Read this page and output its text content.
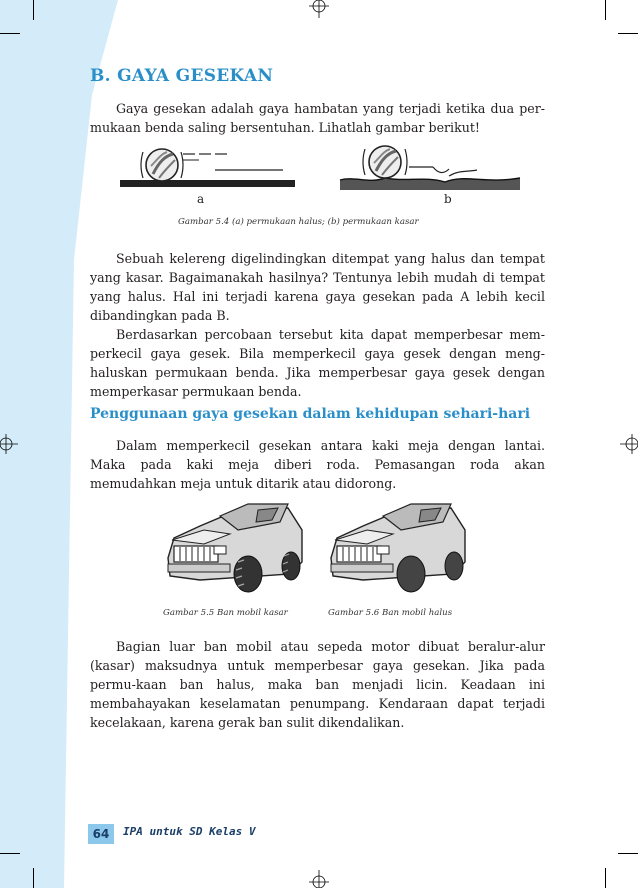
B. GAYA GESEKAN

Gaya gesekan adalah gaya hambatan yang terjadi ketika dua per-mukaan benda saling bersentuhan. Lihatlah gambar berikut!

a	b
Gambar 5.4 (a) permukaan halus; (b) permukaan kasar

Sebuah kelereng digelindingkan ditempat yang halus dan tempat yang kasar. Bagaimanakah hasilnya? Tentunya lebih mudah di tempat yang halus. Hal ini terjadi karena gaya gesekan pada A lebih kecil dibandingkan pada B.

Berdasarkan percobaan tersebut kita dapat memperbesar mem-perkecil gaya gesek. Bila memperkecil gaya gesek dengan meng-haluskan permukaan benda. Jika memperbesar gaya gesek dengan memperkasar permukaan benda.

Penggunaan gaya gesekan dalam kehidupan sehari-hari

Dalam memperkecil gesekan antara kaki meja dengan lantai. Maka pada kaki meja diberi roda. Pemasangan roda akan memudahkan meja untuk ditarik atau didorong.

Gambar 5.5 Ban mobil kasar	Gambar 5.6 Ban mobil halus

Bagian luar ban mobil atau sepeda motor dibuat beralur-alur (kasar) maksudnya untuk memperbesar gaya gesekan. Jika pada permu-kaan ban halus, maka ban menjadi licin. Keadaan ini membahayakan keselamatan penumpang. Kendaraan dapat terjadi kecelakaan, karena gerak ban sulit dikendalikan.

64	IPA untuk SD Kelas V
